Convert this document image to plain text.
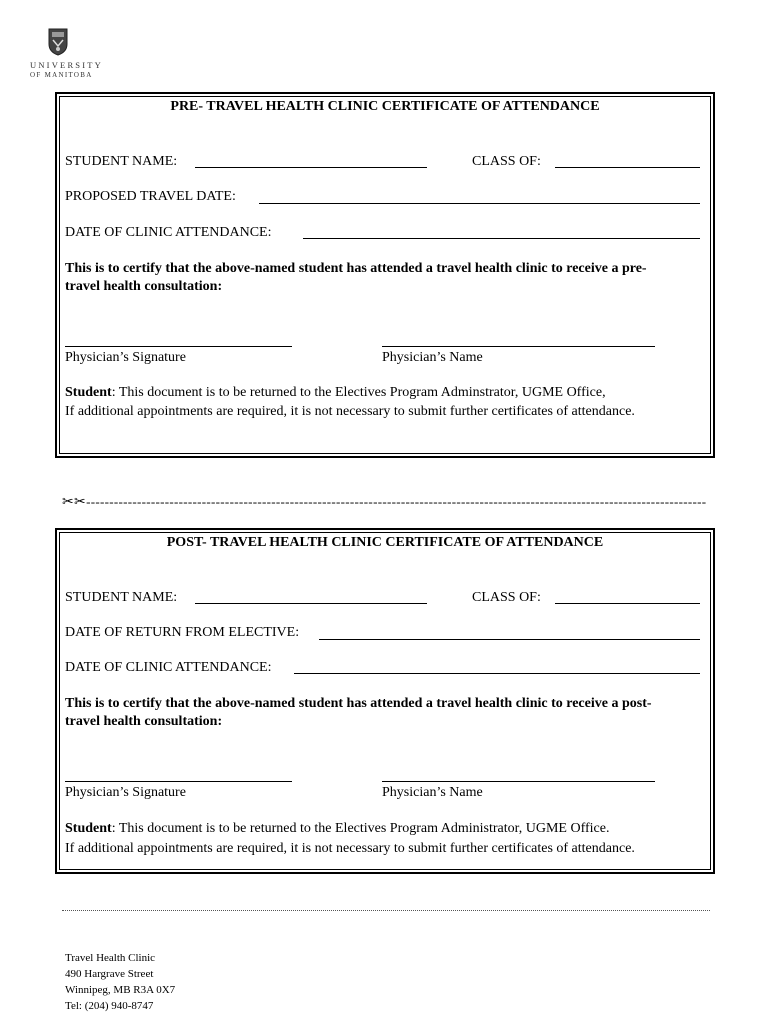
UNIVERSITY
OF MANITOBA
PRE- TRAVEL HEALTH CLINIC CERTIFICATE OF ATTENDANCE
STUDENT NAME:	CLASS OF:
PROPOSED TRAVEL DATE:
DATE OF CLINIC ATTENDANCE:
This is to certify that the above-named student has attended a travel health clinic to receive a pre-
travel health consultation:
Physician’s Signature	Physician’s Name
Student: This document is to be returned to the Electives Program Adminstrator, UGME Office,
If additional appointments are required, it is not necessary to submit further certificates of attendance.
✂✂--------------------------------------------------------------------------------------------------------------------------------------
POST- TRAVEL HEALTH CLINIC CERTIFICATE OF ATTENDANCE
STUDENT NAME:	CLASS OF:
DATE OF RETURN FROM ELECTIVE:
DATE OF CLINIC ATTENDANCE:
This is to certify that the above-named student has attended a travel health clinic to receive a post-
travel health consultation:
Physician’s Signature	Physician’s Name
Student: This document is to be returned to the Electives Program Administrator, UGME Office.
If additional appointments are required, it is not necessary to submit further certificates of attendance.
Travel Health Clinic
490 Hargrave Street
Winnipeg, MB R3A 0X7
Tel: (204) 940-8747
